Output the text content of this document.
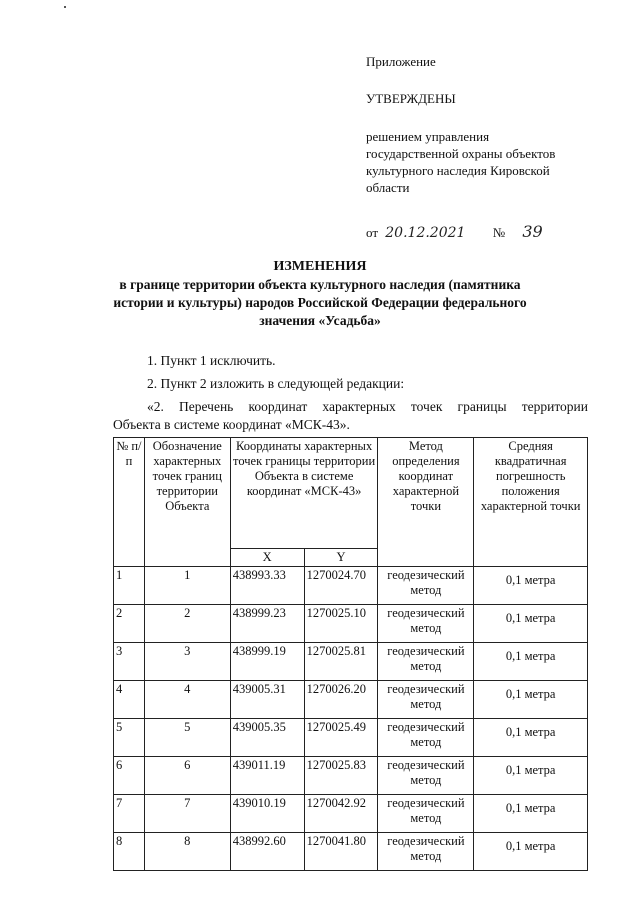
Приложение
УТВЕРЖДЕНЫ
решением управления
государственной охраны объектов
культурного наследия Кировской
области
от 20.12.2021 № 39
ИЗМЕНЕНИЯ
в границе территории объекта культурного наследия (памятника
истории и культуры) народов Российской Федерации федерального
значения «Усадьба»
1. Пункт 1 исключить.
2. Пункт 2 изложить в следующей редакции:
«2. Перечень координат характерных точек границы территории
Объекта в системе координат «МСК-43».
№ п/п	Обозначение характерных точек границ территории Объекта	Координаты характерных точек границы территории Объекта в системе координат «МСК-43»		Метод определения координат характерной точки	Средняя квадратичная погрешность положения характерной точки
		X	Y		
1	1	438993.33	1270024.70	геодезический метод	0,1 метра
2	2	438999.23	1270025.10	геодезический метод	0,1 метра
3	3	438999.19	1270025.81	геодезический метод	0,1 метра
4	4	439005.31	1270026.20	геодезический метод	0,1 метра
5	5	439005.35	1270025.49	геодезический метод	0,1 метра
6	6	439011.19	1270025.83	геодезический метод	0,1 метра
7	7	439010.19	1270042.92	геодезический метод	0,1 метра
8	8	438992.60	1270041.80	геодезический метод	0,1 метра
